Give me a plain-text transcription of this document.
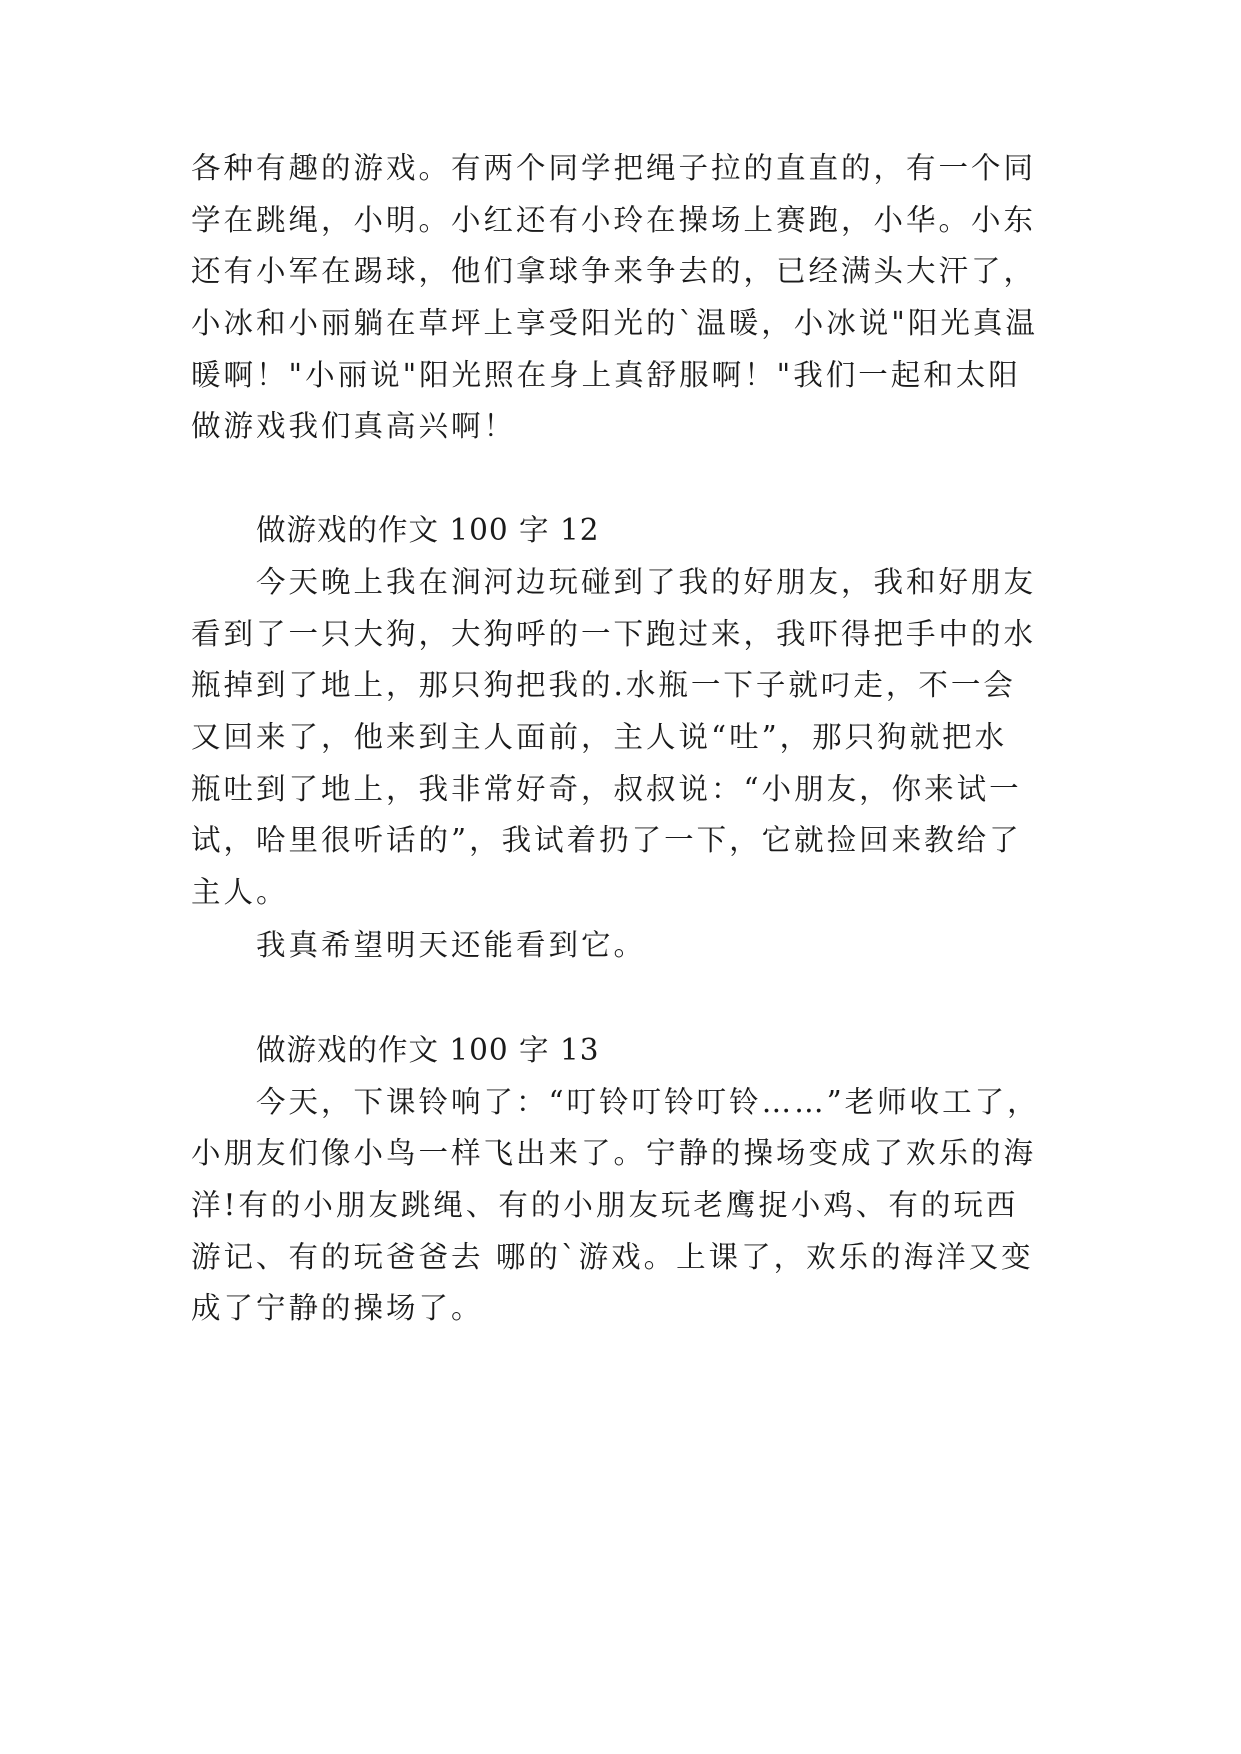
各种有趣的游戏。有两个同学把绳子拉的直直的，有一个同
学在跳绳，小明。小红还有小玲在操场上赛跑，小华。小东
还有小军在踢球，他们拿球争来争去的，已经满头大汗了，
小冰和小丽躺在草坪上享受阳光的`温暖，小冰说"阳光真温
暖啊！"小丽说"阳光照在身上真舒服啊！"我们一起和太阳
做游戏我们真高兴啊！
做游戏的作文 100 字 12
今天晚上我在涧河边玩碰到了我的好朋友，我和好朋友
看到了一只大狗，大狗呼的一下跑过来，我吓得把手中的水
瓶掉到了地上，那只狗把我的.水瓶一下子就叼走，不一会
又回来了，他来到主人面前，主人说“吐”，那只狗就把水
瓶吐到了地上，我非常好奇，叔叔说：“小朋友，你来试一
试，哈里很听话的”，我试着扔了一下，它就捡回来教给了
主人。
我真希望明天还能看到它。
做游戏的作文 100 字 13
今天，下课铃响了：“叮铃叮铃叮铃……”老师收工了，
小朋友们像小鸟一样飞出来了。宁静的操场变成了欢乐的海
洋!有的小朋友跳绳、有的小朋友玩老鹰捉小鸡、有的玩西
游记、有的玩爸爸去 哪的`游戏。上课了，欢乐的海洋又变
成了宁静的操场了。
